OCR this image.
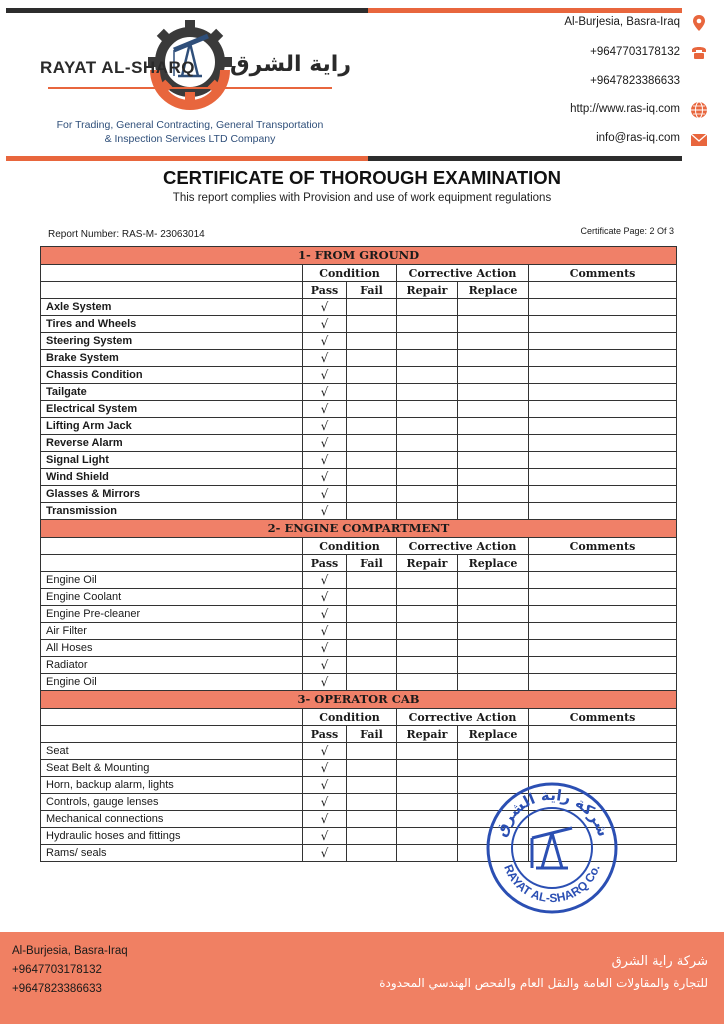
RAYAT AL-SHARQ راية الشرق
For Trading, General Contracting, General Transportation
& Inspection Services LTD Company
Al-Burjesia, Basra-Iraq
+9647703178132
+9647823386633
http://www.ras-iq.com
info@ras-iq.com
CERTIFICATE OF THOROUGH EXAMINATION
This report complies with Provision and use of work equipment regulations
Report Number: RAS-M- 23063014	Certificate Page: 2 Of 3
1- FROM GROUND					
	Condition		Corrective Action		Comments
	Pass	Fail	Repair	Replace	
Axle System	√				
Tires and Wheels	√				
Steering System	√				
Brake System	√				
Chassis Condition	√				
Tailgate	√				
Electrical System	√				
Lifting Arm Jack	√				
Reverse Alarm	√				
Signal Light	√				
Wind Shield	√				
Glasses & Mirrors	√				
Transmission	√				
2- ENGINE COMPARTMENT					
	Condition		Corrective Action		Comments
	Pass	Fail	Repair	Replace	
Engine Oil	√				
Engine Coolant	√				
Engine Pre-cleaner	√				
Air Filter	√				
All Hoses	√				
Radiator	√				
Engine Oil	√				
3- OPERATOR CAB					
	Condition		Corrective Action		Comments
	Pass	Fail	Repair	Replace	
Seat	√				
Seat Belt & Mounting	√				
Horn, backup alarm, lights	√				
Controls, gauge lenses	√				
Mechanical connections	√				
Hydraulic hoses and fittings	√				
Rams/ seals	√				
شركة راية الشرق
RAYAT AL-SHARQ Co.
Al-Burjesia, Basra-Iraq
+9647703178132
+9647823386633
شركة راية الشرق
للتجارة والمقاولات العامة والنقل العام والفحص الهندسي المحدودة
